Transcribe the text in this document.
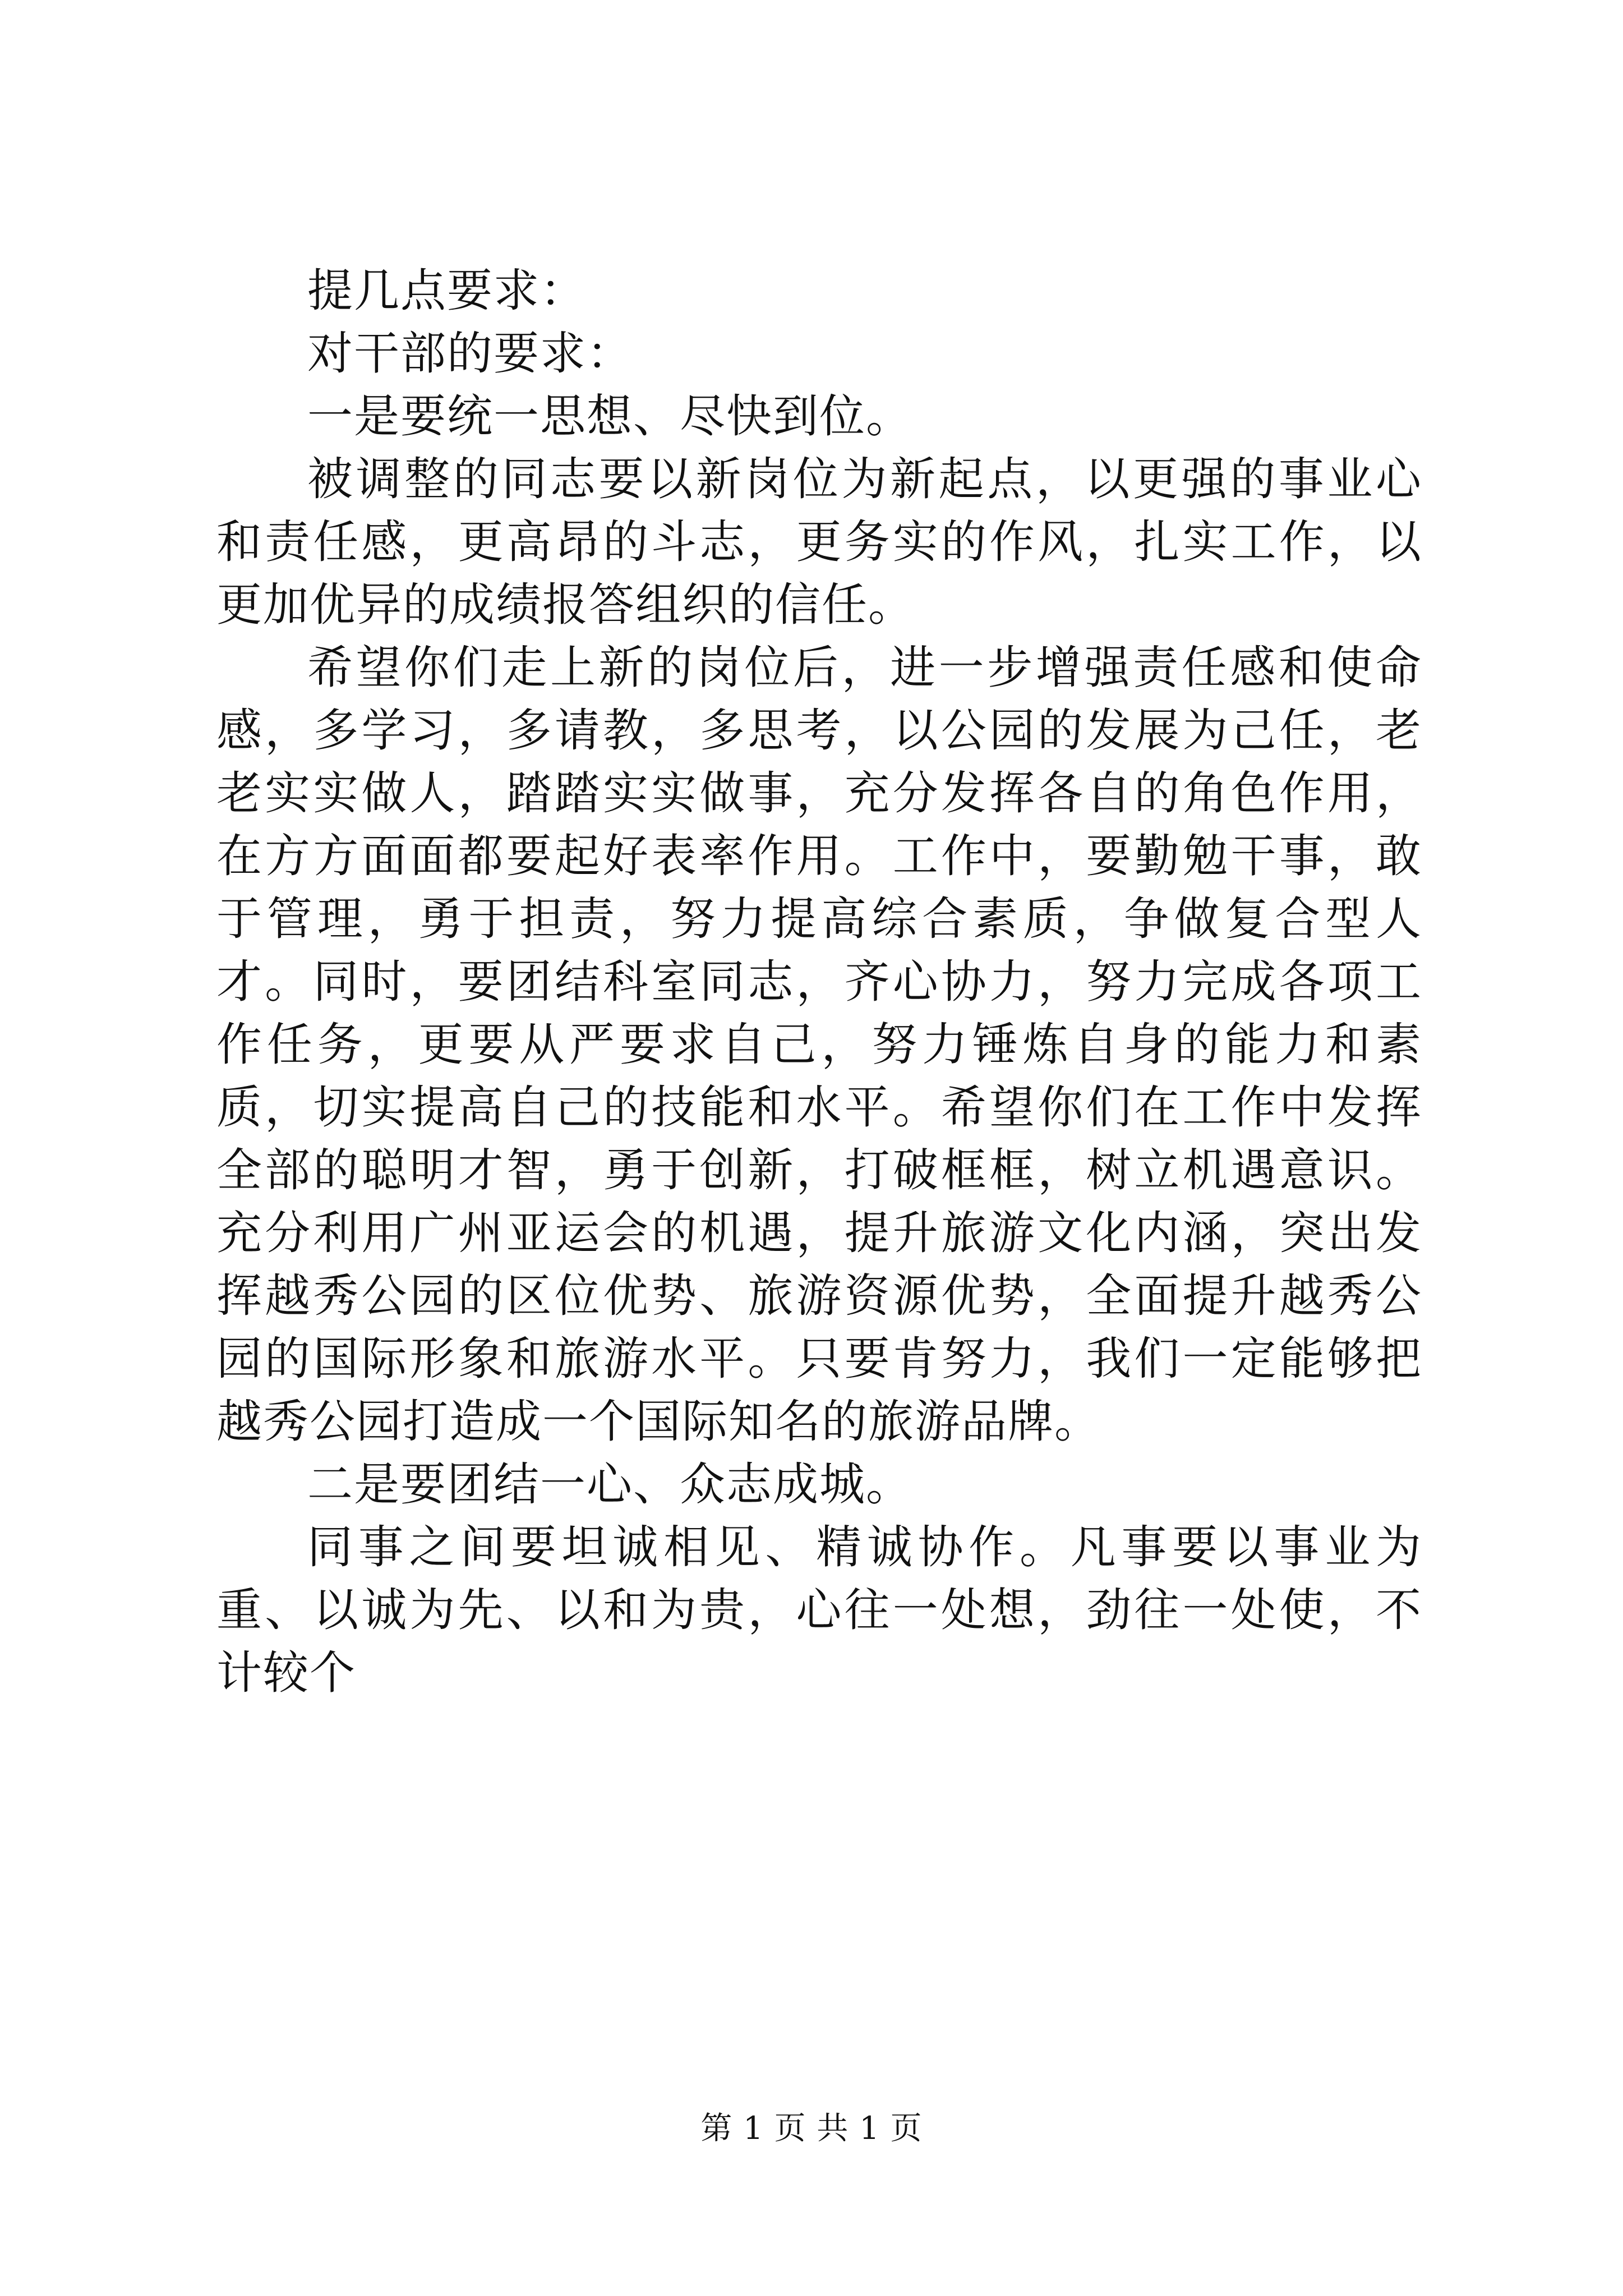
提几点要求：

对干部的要求：

一是要统一思想、尽快到位。

被调整的同志要以新岗位为新起点，以更强的事业心和责任感，更高昂的斗志，更务实的作风，扎实工作，以更加优异的成绩报答组织的信任。

希望你们走上新的岗位后，进一步增强责任感和使命感，多学习，多请教，多思考，以公园的发展为己任，老老实实做人，踏踏实实做事，充分发挥各自的角色作用，在方方面面都要起好表率作用。工作中，要勤勉干事，敢于管理，勇于担责，努力提高综合素质，争做复合型人才。同时，要团结科室同志，齐心协力，努力完成各项工作任务，更要从严要求自己，努力锤炼自身的能力和素质，切实提高自己的技能和水平。希望你们在工作中发挥全部的聪明才智，勇于创新，打破框框，树立机遇意识。充分利用广州亚运会的机遇，提升旅游文化内涵，突出发挥越秀公园的区位优势、旅游资源优势，全面提升越秀公园的国际形象和旅游水平。只要肯努力，我们一定能够把越秀公园打造成一个国际知名的旅游品牌。

二是要团结一心、众志成城。

同事之间要坦诚相见、精诚协作。凡事要以事业为重、以诚为先、以和为贵，心往一处想，劲往一处使，不计较个

第 1 页 共 1 页
